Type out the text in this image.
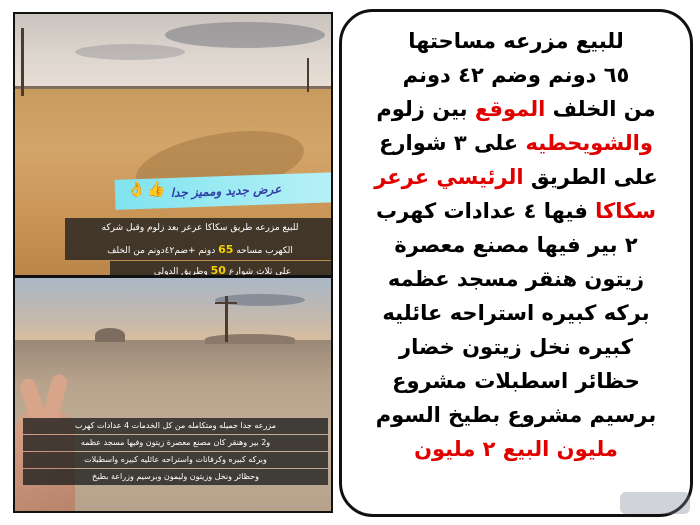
عرض جديد ومميز جدا
👌👍
للبيع مزرعه طريق سكاكا عرعر بعد زلوم وقبل شركه
الكهرب مساحه 65 دونم +ضم٤٢دونم من الخلف
على ثلاث شوارع 50 وطريق الدولي
مزرعه جدا جميله ومتكامله من كل الخدمات 4 عدادات كهرب
و2 بير وهنقر كان مصنع معصرة زيتون وفيها مسجد عظمه
وبركه كبيره وكرفانات واستراحه عائليه كبيره واسطبلات
وحظائر ونخل وزيتون وليمون وبرسيم وزراعة بطيخ
للبيع مزرعه مساحتها
٦٥ دونم وضم ٤٢ دونم
من الخلف الموقع بين زلوم
والشويحطيه على ٣ شوارع
على الطريق الرئيسي عرعر
سكاكا فيها ٤ عدادات كهرب
٢ بير فيها مصنع معصرة
زيتون هنقر مسجد عظمه
بركه كبيره استراحه عائليه
كبيره نخل زيتون خضار
حظائر اسطبلات مشروع
برسيم مشروع بطيخ السوم
مليون البيع ٢ مليون
